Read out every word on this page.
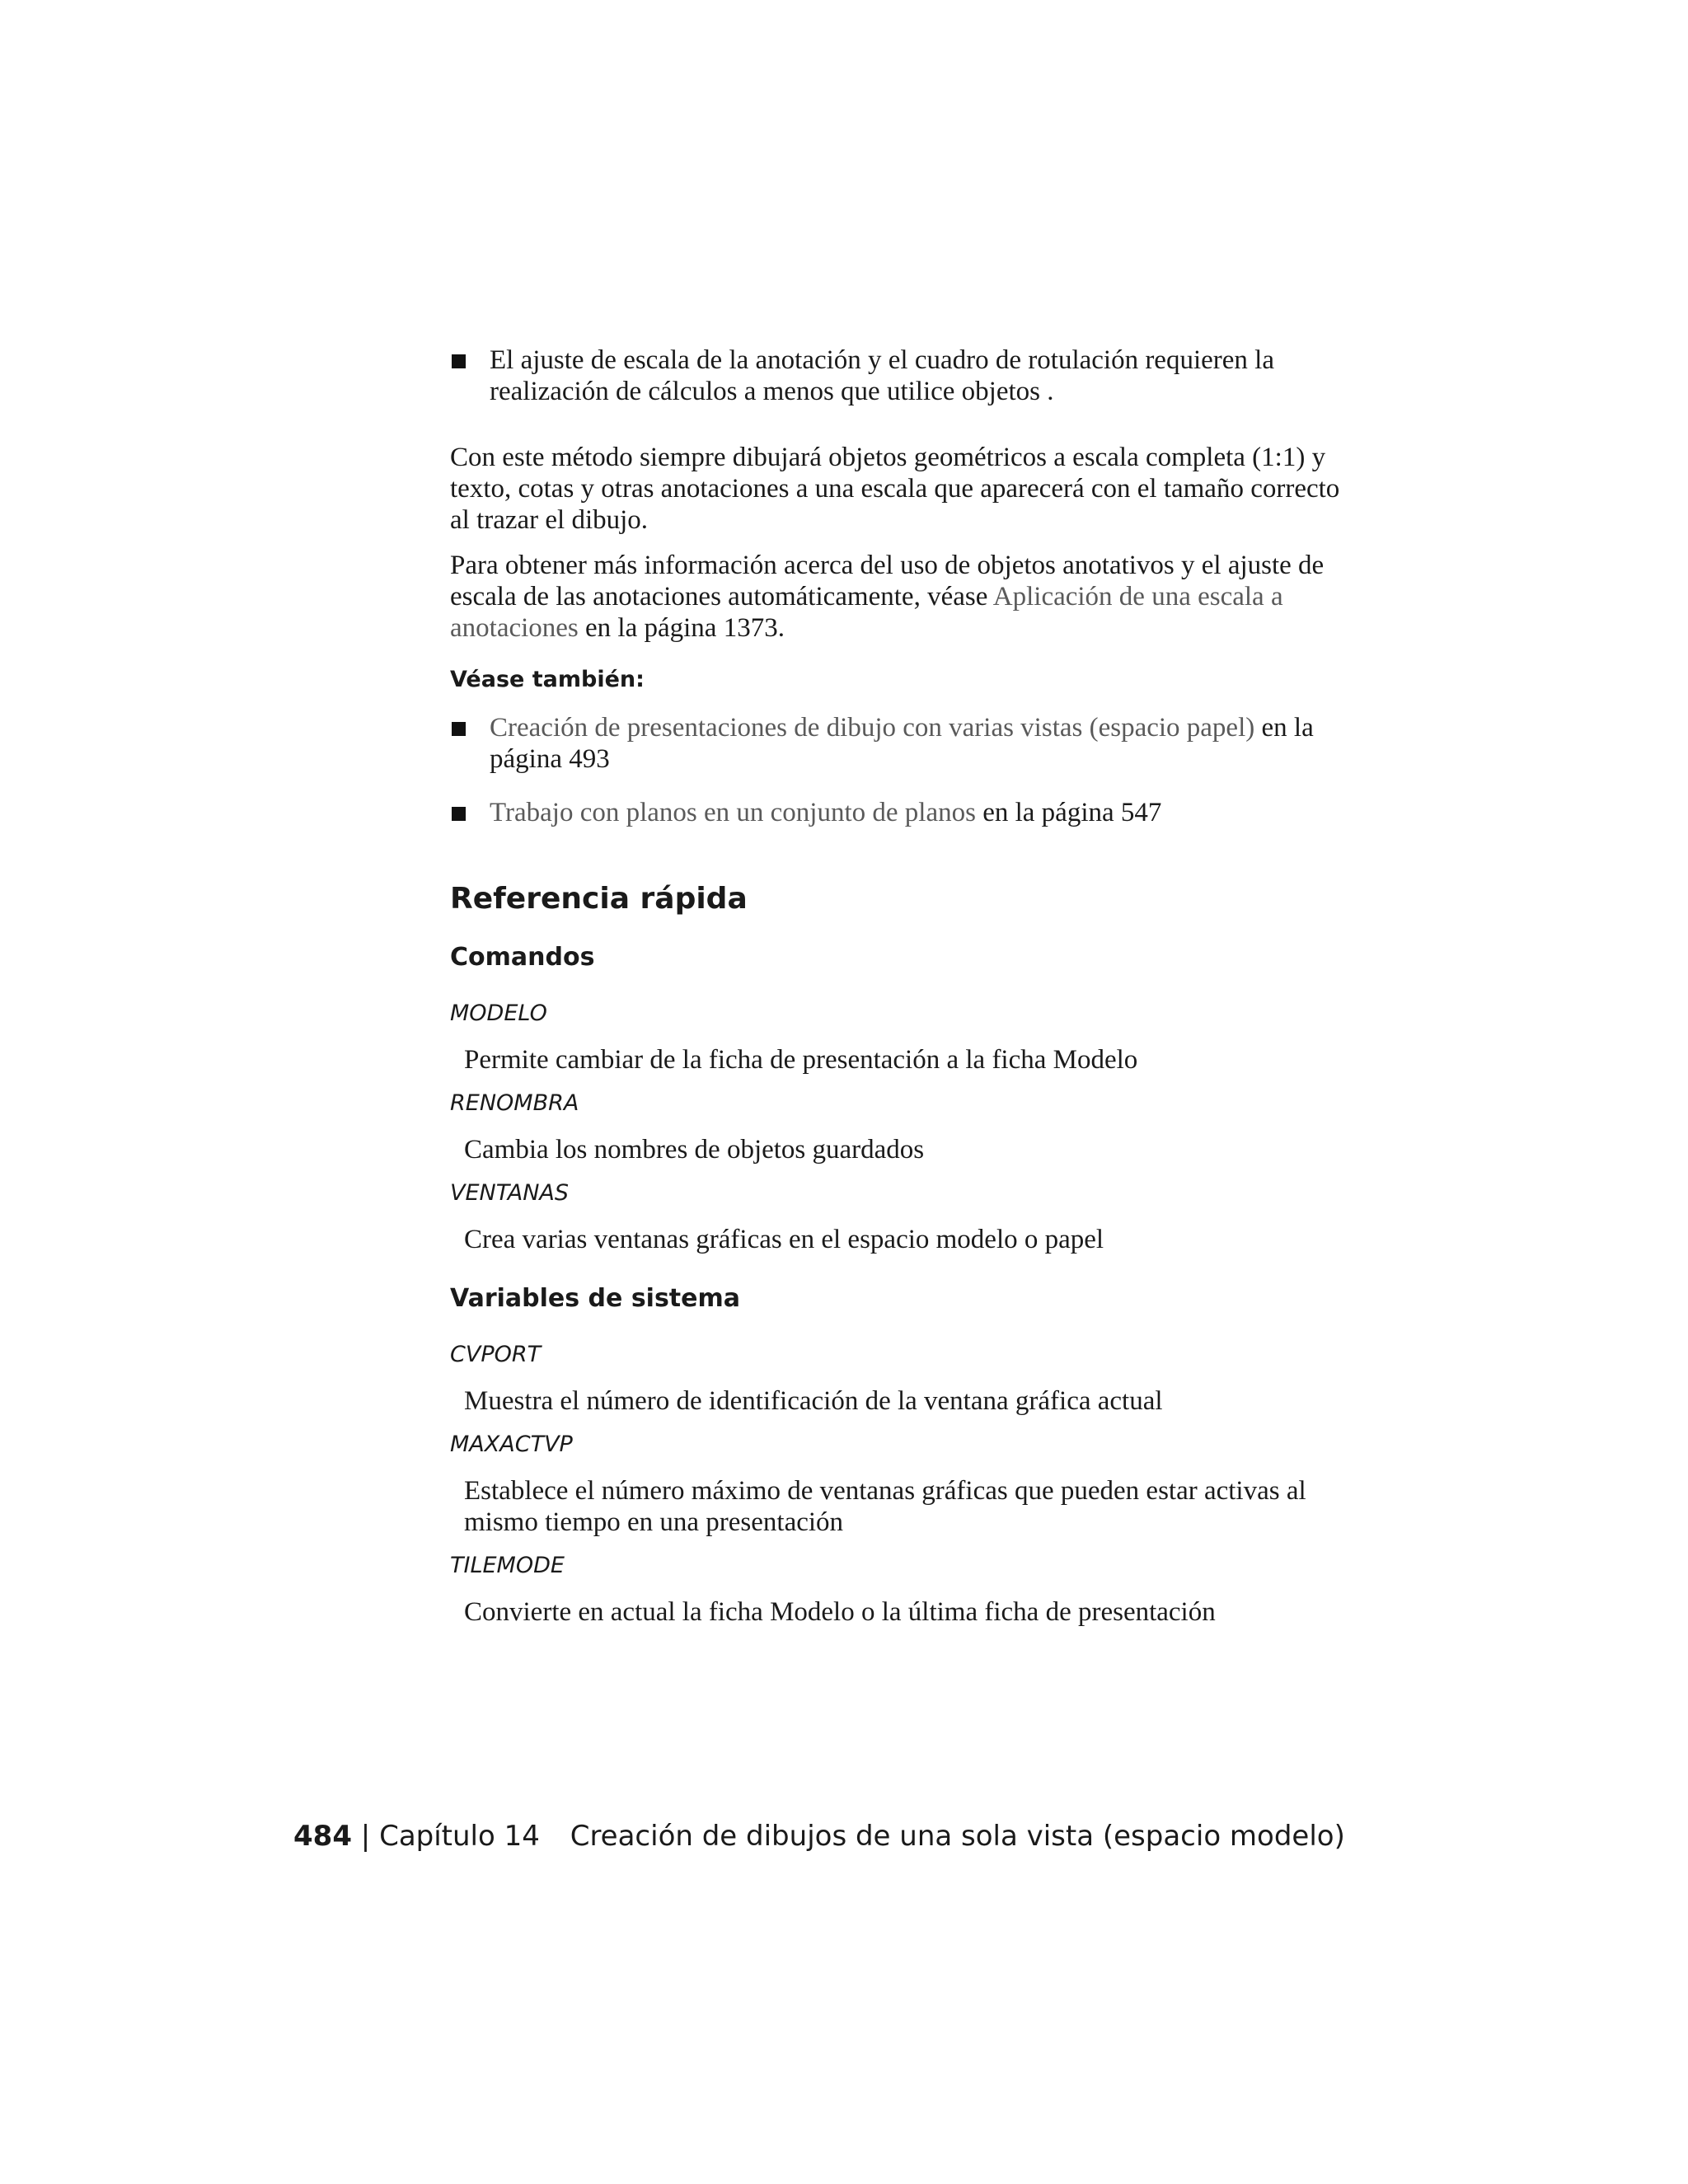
El ajuste de escala de la anotación y el cuadro de rotulación requieren la realización de cálculos a menos que utilice objetos .

Con este método siempre dibujará objetos geométricos a escala completa (1:1) y texto, cotas y otras anotaciones a una escala que aparecerá con el tamaño correcto al trazar el dibujo.

Para obtener más información acerca del uso de objetos anotativos y el ajuste de escala de las anotaciones automáticamente, véase Aplicación de una escala a anotaciones en la página 1373.

Véase también:
Creación de presentaciones de dibujo con varias vistas (espacio papel) en la página 493
Trabajo con planos en un conjunto de planos en la página 547
Referencia rápida
Comandos
MODELO
Permite cambiar de la ficha de presentación a la ficha Modelo
RENOMBRA
Cambia los nombres de objetos guardados
VENTANAS
Crea varias ventanas gráficas en el espacio modelo o papel
Variables de sistema
CVPORT
Muestra el número de identificación de la ventana gráfica actual
MAXACTVP
Establece el número máximo de ventanas gráficas que pueden estar activas al mismo tiempo en una presentación
TILEMODE
Convierte en actual la ficha Modelo o la última ficha de presentación
484 | Capítulo 14 Creación de dibujos de una sola vista (espacio modelo)
